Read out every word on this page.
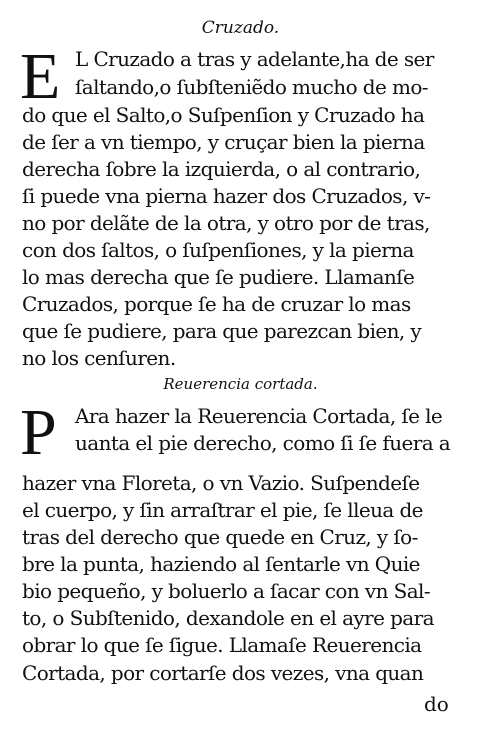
Cruzado.
E L Cruzado a tras y adelante,ha de ser
ſaltando,o ſubſteniẽdo mucho de mo-
do que el Salto,o Suſpenſion y Cruzado ha
de ſer a vn tiempo, y cruçar bien la pierna
derecha ſobre la izquierda, o al contrario,
ſi puede vna pierna hazer dos Cruzados, v-
no por delãte de la otra, y otro por de tras,
con dos ſaltos, o ſuſpenſiones, y la pierna
lo mas derecha que ſe pudiere. Llamanſe
Cruzados, porque ſe ha de cruzar lo mas
que ſe pudiere, para que parezcan bien, y
no los cenſuren.
Reuerencia cortada.
P Ara hazer la Reuerencia Cortada, ſe le
uanta el pie derecho, como ſi ſe fuera a
hazer vna Floreta, o vn Vazio. Suſpendeſe
el cuerpo, y ſin arraſtrar el pie, ſe lleua de
tras del derecho que quede en Cruz, y ſo-
bre la punta, haziendo al ſentarle vn Quie
bio pequeño, y boluerlo a ſacar con vn Sal-
to, o Subſtenido, dexandole en el ayre para
obrar lo que ſe ſigue. Llamaſe Reuerencia
Cortada, por cortarſe dos vezes, vna quan
do
